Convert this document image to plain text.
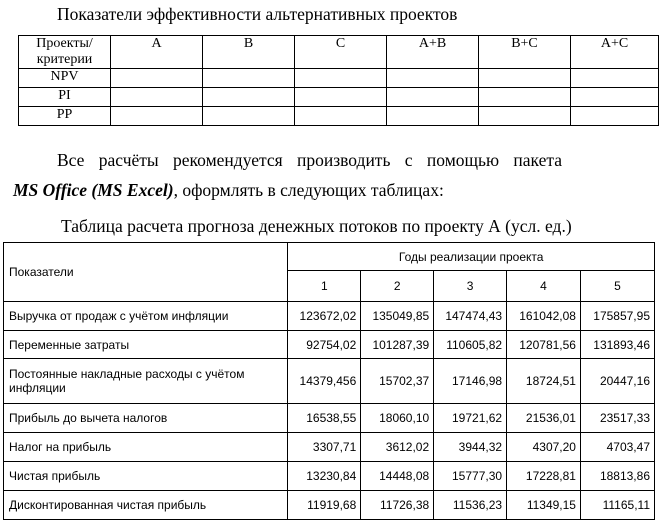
Показатели эффективности альтернативных проектов
Проекты/
критерии	A	B	C	A+B	B+C	A+C
NPV						
PI						
PP						
Все расчёты рекомендуется производить с помощью пакета
MS Office (MS Excel), оформлять в следующих таблицах:
Таблица расчета прогноза денежных потоков по проекту А (усл. ед.)
Показатели	Годы реализации проекта				
	1	2	3	4	5
Выручка от продаж с учётом инфляции	123672,02	135049,85	147474,43	161042,08	175857,95
Переменные затраты	92754,02	101287,39	110605,82	120781,56	131893,46
Постоянные накладные расходы с учётом инфляции	14379,456	15702,37	17146,98	18724,51	20447,16
Прибыль до вычета налогов	16538,55	18060,10	19721,62	21536,01	23517,33
Налог на прибыль	3307,71	3612,02	3944,32	4307,20	4703,47
Чистая прибыль	13230,84	14448,08	15777,30	17228,81	18813,86
Дисконтированная чистая прибыль	11919,68	11726,38	11536,23	11349,15	11165,11
